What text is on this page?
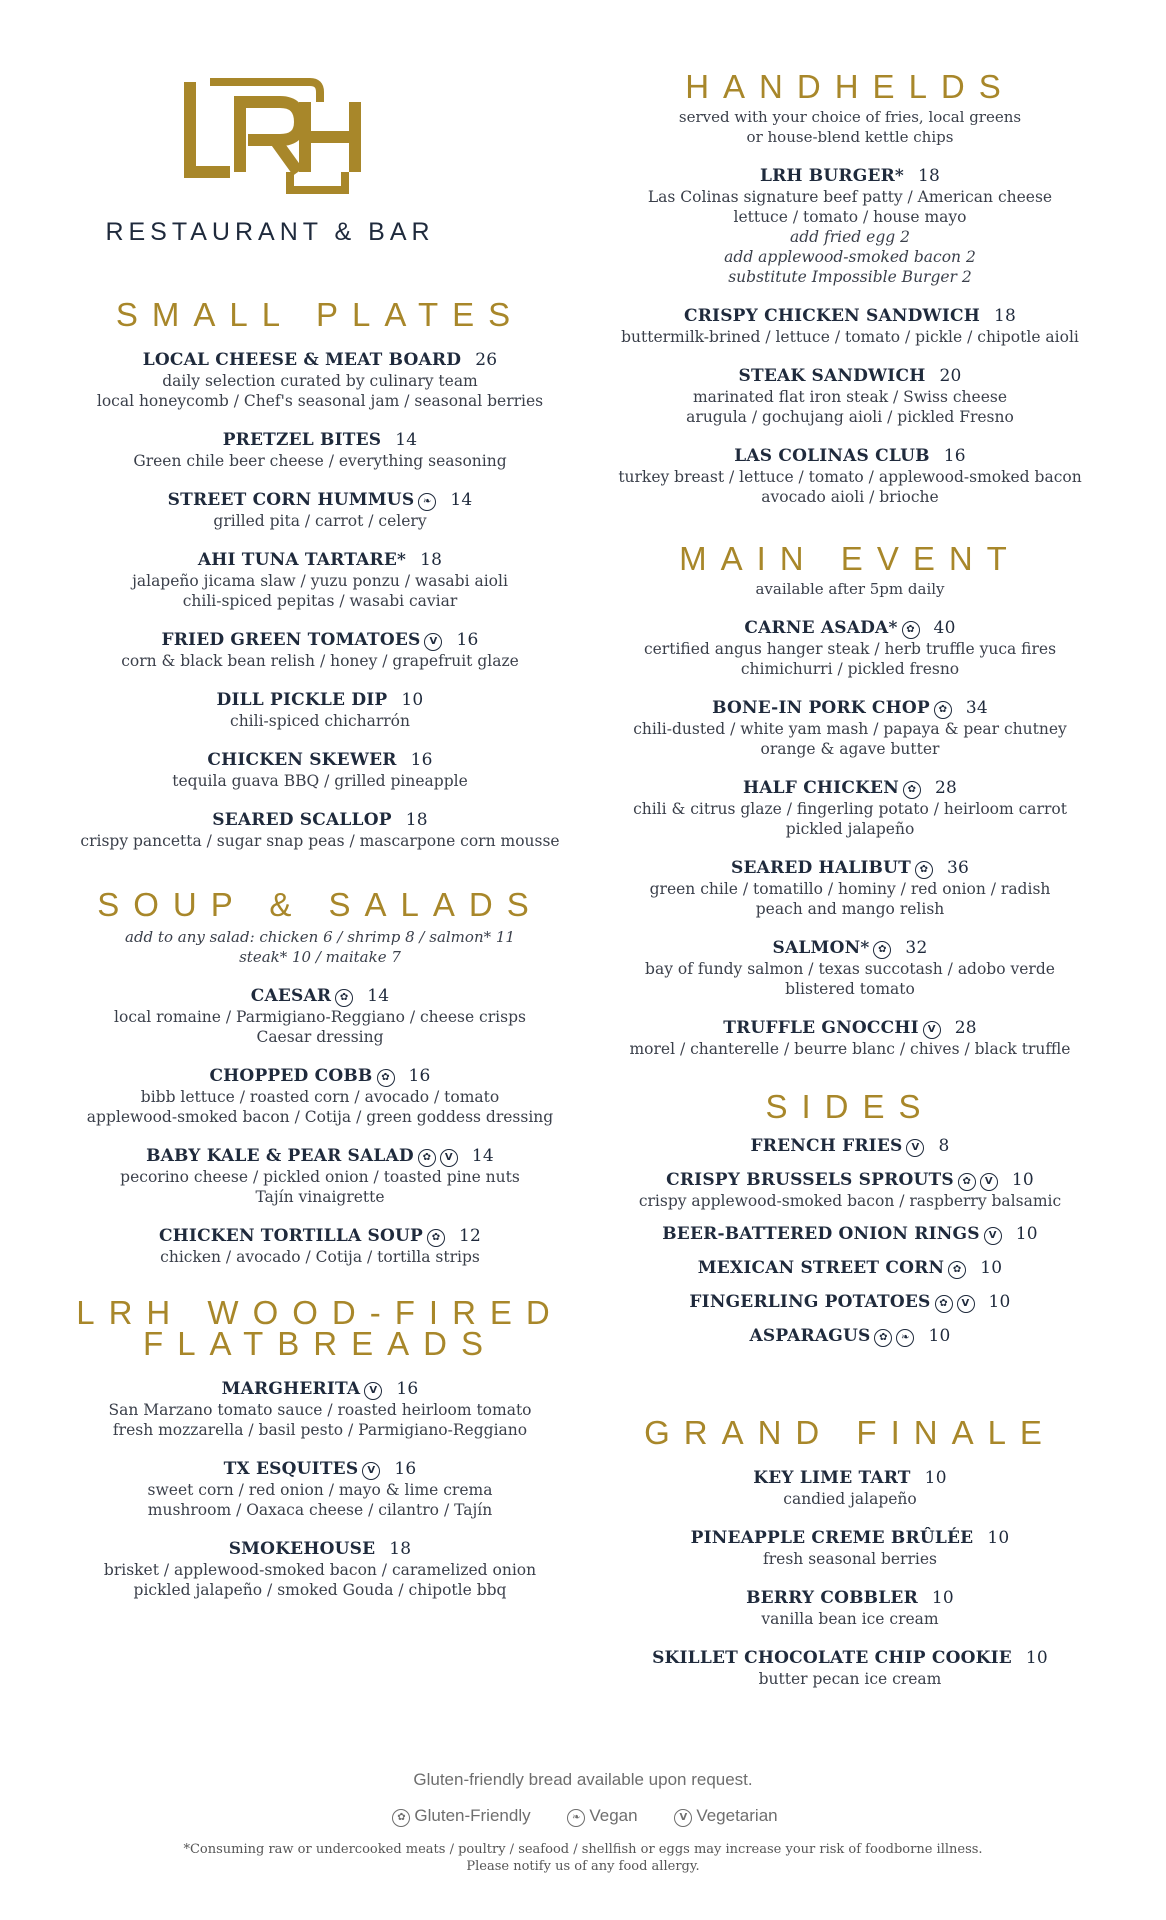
RESTAURANT & BAR
SMALL PLATES
LOCAL CHEESE & MEAT BOARD 26
daily selection curated by culinary team
local honeycomb / Chef's seasonal jam / seasonal berries
PRETZEL BITES 14
Green chile beer cheese / everything seasoning
STREET CORN HUMMUS ❧ 14
grilled pita / carrot / celery
AHI TUNA TARTARE* 18
jalapeño jicama slaw / yuzu ponzu / wasabi aioli
chili-spiced pepitas / wasabi caviar
FRIED GREEN TOMATOES V 16
corn & black bean relish / honey / grapefruit glaze
DILL PICKLE DIP 10
chili-spiced chicharrón
CHICKEN SKEWER 16
tequila guava BBQ / grilled pineapple
SEARED SCALLOP 18
crispy pancetta / sugar snap peas / mascarpone corn mousse
SOUP & SALADS
add to any salad: chicken 6 / shrimp 8 / salmon* 11
steak* 10 / maitake 7
CAESAR ✿ 14
local romaine / Parmigiano-Reggiano / cheese crisps
Caesar dressing
CHOPPED COBB ✿ 16
bibb lettuce / roasted corn / avocado / tomato
applewood-smoked bacon / Cotija / green goddess dressing
BABY KALE & PEAR SALAD ✿ V 14
pecorino cheese / pickled onion / toasted pine nuts
Tajín vinaigrette
CHICKEN TORTILLA SOUP ✿ 12
chicken / avocado / Cotija / tortilla strips
LRH WOOD-FIRED
FLATBREADS
MARGHERITA V 16
San Marzano tomato sauce / roasted heirloom tomato
fresh mozzarella / basil pesto / Parmigiano-Reggiano
TX ESQUITES V 16
sweet corn / red onion / mayo & lime crema
mushroom / Oaxaca cheese / cilantro / Tajín
SMOKEHOUSE 18
brisket / applewood-smoked bacon / caramelized onion
pickled jalapeño / smoked Gouda / chipotle bbq
HANDHELDS
served with your choice of fries, local greens
or house-blend kettle chips
LRH BURGER* 18
Las Colinas signature beef patty / American cheese
lettuce / tomato / house mayo
add fried egg 2
add applewood-smoked bacon 2
substitute Impossible Burger 2
CRISPY CHICKEN SANDWICH 18
buttermilk-brined / lettuce / tomato / pickle / chipotle aioli
STEAK SANDWICH 20
marinated flat iron steak / Swiss cheese
arugula / gochujang aioli / pickled Fresno
LAS COLINAS CLUB 16
turkey breast / lettuce / tomato / applewood-smoked bacon
avocado aioli / brioche
MAIN EVENT
available after 5pm daily
CARNE ASADA* ✿ 40
certified angus hanger steak / herb truffle yuca fires
chimichurri / pickled fresno
BONE-IN PORK CHOP ✿ 34
chili-dusted / white yam mash / papaya & pear chutney
orange & agave butter
HALF CHICKEN ✿ 28
chili & citrus glaze / fingerling potato / heirloom carrot
pickled jalapeño
SEARED HALIBUT ✿ 36
green chile / tomatillo / hominy / red onion / radish
peach and mango relish
SALMON* ✿ 32
bay of fundy salmon / texas succotash / adobo verde
blistered tomato
TRUFFLE GNOCCHI V 28
morel / chanterelle / beurre blanc / chives / black truffle
SIDES
FRENCH FRIES V 8
CRISPY BRUSSELS SPROUTS ✿ V 10
crispy applewood-smoked bacon / raspberry balsamic
BEER-BATTERED ONION RINGS V 10
MEXICAN STREET CORN ✿ 10
FINGERLING POTATOES ✿ V 10
ASPARAGUS ✿ ❧ 10
GRAND FINALE
KEY LIME TART 10
candied jalapeño
PINEAPPLE CREME BRÛLÉE 10
fresh seasonal berries
BERRY COBBLER 10
vanilla bean ice cream
SKILLET CHOCOLATE CHIP COOKIE 10
butter pecan ice cream
Gluten-friendly bread available upon request.
✿ Gluten-Friendly	❧ Vegan	V Vegetarian
*Consuming raw or undercooked meats / poultry / seafood / shellfish or eggs may increase your risk of foodborne illness.
Please notify us of any food allergy.
